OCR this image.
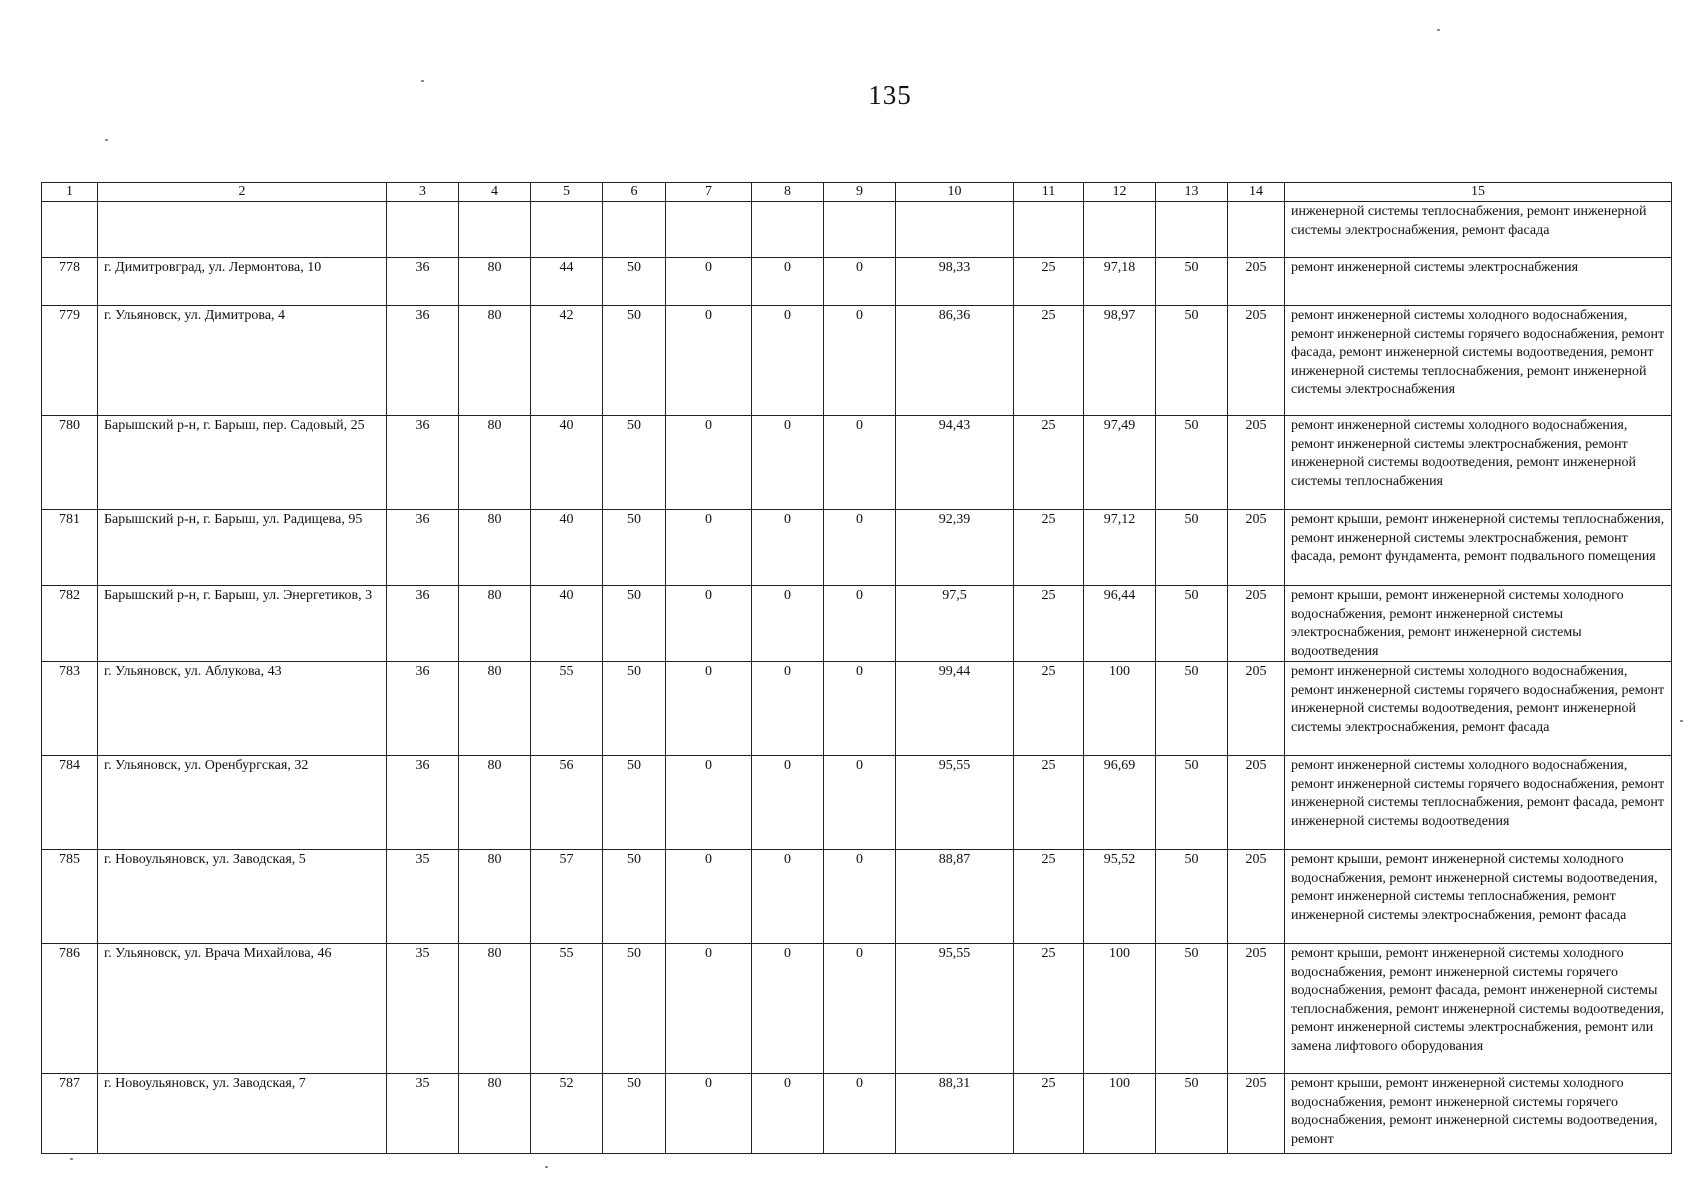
135
1	2	3	4	5	6	7	8	9	10	11	12	13	14	15
														инженерной системы теплоснабжения, ремонт инженерной системы электроснабжения, ремонт фасада
778	г. Димитровград, ул. Лермонтова, 10	36	80	44	50	0	0	0	98,33	25	97,18	50	205	ремонт инженерной системы электроснабжения
779	г. Ульяновск, ул. Димитрова, 4	36	80	42	50	0	0	0	86,36	25	98,97	50	205	ремонт инженерной системы холодного водоснабжения, ремонт инженерной системы горячего водоснабжения, ремонт фасада, ремонт инженерной системы водоотведения, ремонт инженерной системы теплоснабжения, ремонт инженерной системы электроснабжения
780	Барышский р-н, г. Барыш, пер. Садовый, 25	36	80	40	50	0	0	0	94,43	25	97,49	50	205	ремонт инженерной системы холодного водоснабжения, ремонт инженерной системы электроснабжения, ремонт инженерной системы водоотведения, ремонт инженерной системы теплоснабжения
781	Барышский р-н, г. Барыш, ул. Радищева, 95	36	80	40	50	0	0	0	92,39	25	97,12	50	205	ремонт крыши, ремонт инженерной системы теплоснабжения, ремонт инженерной системы электроснабжения, ремонт фасада, ремонт фундамента, ремонт подвального помещения
782	Барышский р-н, г. Барыш, ул. Энергетиков, 3	36	80	40	50	0	0	0	97,5	25	96,44	50	205	ремонт крыши, ремонт инженерной системы холодного водоснабжения, ремонт инженерной системы электроснабжения, ремонт инженерной системы водоотведения
783	г. Ульяновск, ул. Аблукова, 43	36	80	55	50	0	0	0	99,44	25	100	50	205	ремонт инженерной системы холодного водоснабжения, ремонт инженерной системы горячего водоснабжения, ремонт инженерной системы водоотведения, ремонт инженерной системы электроснабжения, ремонт фасада
784	г. Ульяновск, ул. Оренбургская, 32	36	80	56	50	0	0	0	95,55	25	96,69	50	205	ремонт инженерной системы холодного водоснабжения, ремонт инженерной системы горячего водоснабжения, ремонт инженерной системы теплоснабжения, ремонт фасада, ремонт инженерной системы водоотведения
785	г. Новоульяновск, ул. Заводская, 5	35	80	57	50	0	0	0	88,87	25	95,52	50	205	ремонт крыши, ремонт инженерной системы холодного водоснабжения, ремонт инженерной системы водоотведения, ремонт инженерной системы теплоснабжения, ремонт инженерной системы электроснабжения, ремонт фасада
786	г. Ульяновск, ул. Врача Михайлова, 46	35	80	55	50	0	0	0	95,55	25	100	50	205	ремонт крыши, ремонт инженерной системы холодного водоснабжения, ремонт инженерной системы горячего водоснабжения, ремонт фасада, ремонт инженерной системы теплоснабжения, ремонт инженерной системы водоотведения, ремонт инженерной системы электроснабжения, ремонт или замена лифтового оборудования
787	г. Новоульяновск, ул. Заводская, 7	35	80	52	50	0	0	0	88,31	25	100	50	205	ремонт крыши, ремонт инженерной системы холодного водоснабжения, ремонт инженерной системы горячего водоснабжения, ремонт инженерной системы водоотведения, ремонт
